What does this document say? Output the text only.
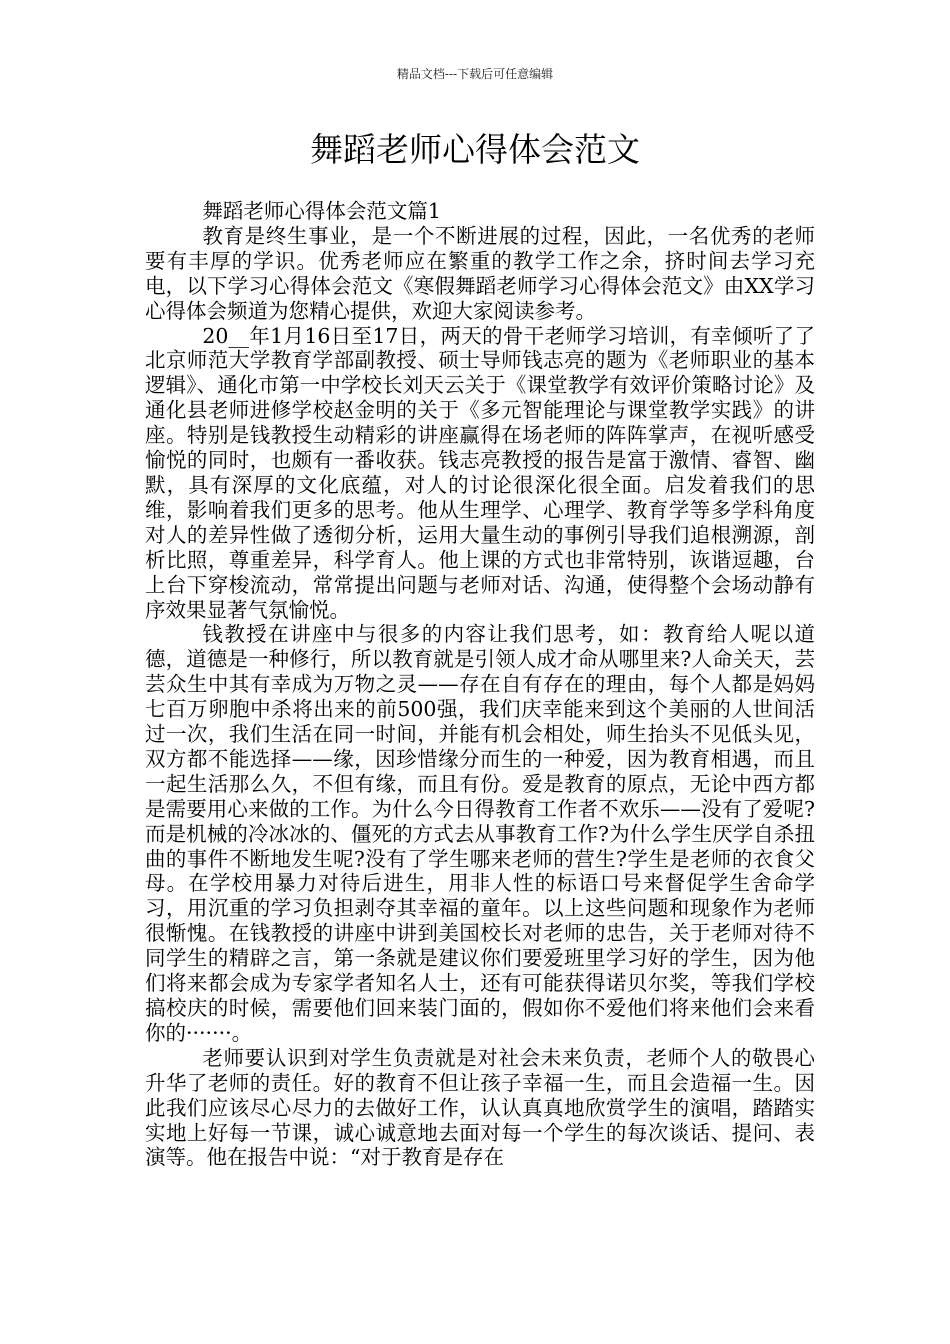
精品文档---下载后可任意编辑
舞蹈老师心得体会范文

舞蹈老师心得体会范文篇1

教育是终生事业，是一个不断进展的过程，因此，一名优秀的老师要有丰厚的学识。优秀老师应在繁重的教学工作之余，挤时间去学习充电，以下学习心得体会范文《寒假舞蹈老师学习心得体会范文》由XX学习心得体会频道为您精心提供，欢迎大家阅读参考。

20__年1月16日至17日，两天的骨干老师学习培训，有幸倾听了了北京师范大学教育学部副教授、硕士导师钱志亮的题为《老师职业的基本逻辑》、通化市第一中学校长刘天云关于《课堂教学有效评价策略讨论》及通化县老师进修学校赵金明的关于《多元智能理论与课堂教学实践》的讲座。特别是钱教授生动精彩的讲座赢得在场老师的阵阵掌声，在视听感受愉悦的同时，也颇有一番收获。钱志亮教授的报告是富于激情、睿智、幽默，具有深厚的文化底蕴，对人的讨论很深化很全面。启发着我们的思维，影响着我们更多的思考。他从生理学、心理学、教育学等多学科角度对人的差异性做了透彻分析，运用大量生动的事例引导我们追根溯源，剖析比照，尊重差异，科学育人。他上课的方式也非常特别，诙谐逗趣，台上台下穿梭流动，常常提出问题与老师对话、沟通，使得整个会场动静有序效果显著气氛愉悦。

钱教授在讲座中与很多的内容让我们思考，如：教育给人呢以道德，道德是一种修行，所以教育就是引领人成才命从哪里来?人命关天，芸芸众生中其有幸成为万物之灵——存在自有存在的理由，每个人都是妈妈七百万卵胞中杀将出来的前500强，我们庆幸能来到这个美丽的人世间活过一次，我们生活在同一时间，并能有机会相处，师生抬头不见低头见，双方都不能选择——缘，因珍惜缘分而生的一种爱，因为教育相遇，而且一起生活那么久，不但有缘，而且有份。爱是教育的原点，无论中西方都是需要用心来做的工作。为什么今日得教育工作者不欢乐——没有了爱呢?而是机械的冷冰冰的、僵死的方式去从事教育工作?为什么学生厌学自杀扭曲的事件不断地发生呢?没有了学生哪来老师的营生?学生是老师的衣食父母。在学校用暴力对待后进生，用非人性的标语口号来督促学生舍命学习，用沉重的学习负担剥夺其幸福的童年。以上这些问题和现象作为老师很惭愧。在钱教授的讲座中讲到美国校长对老师的忠告，关于老师对待不同学生的精辟之言，第一条就是建议你们要爱班里学习好的学生，因为他们将来都会成为专家学者知名人士，还有可能获得诺贝尔奖，等我们学校搞校庆的时候，需要他们回来装门面的，假如你不爱他们将来他们会来看你的·······。

老师要认识到对学生负责就是对社会未来负责，老师个人的敬畏心升华了老师的责任。好的教育不但让孩子幸福一生，而且会造福一生。因此我们应该尽心尽力的去做好工作，认认真真地欣赏学生的演唱，踏踏实实地上好每一节课，诚心诚意地去面对每一个学生的每次谈话、提问、表演等。他在报告中说：“对于教育是存在
